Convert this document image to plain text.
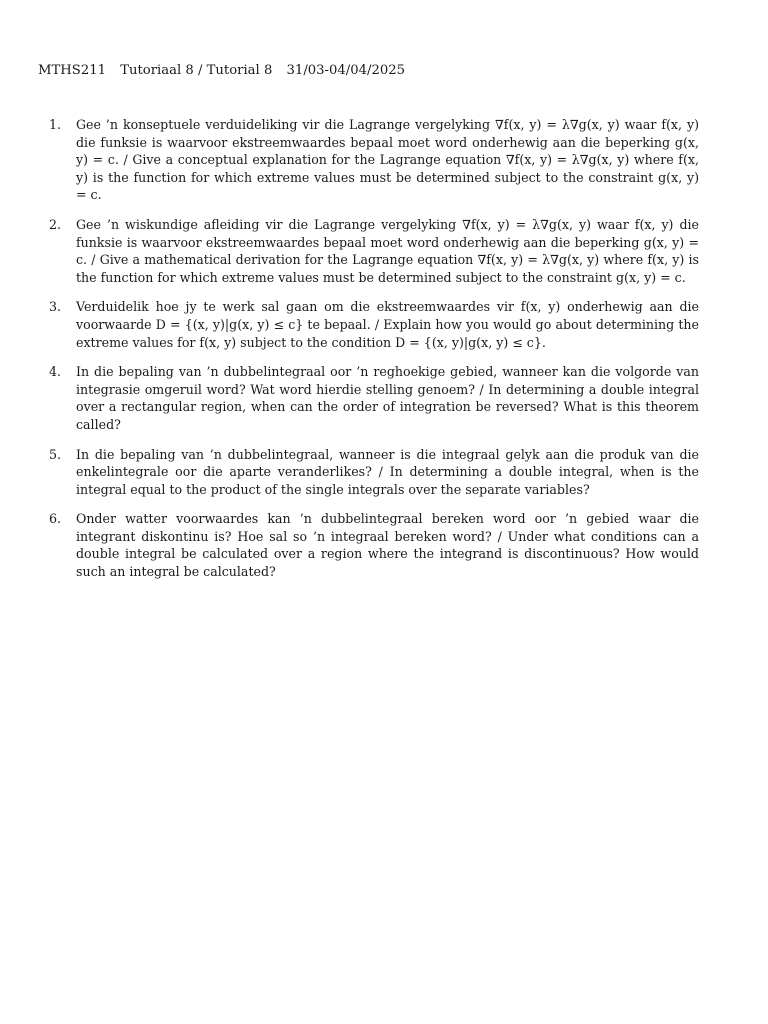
MTHS211 Tutoriaal 8 / Tutorial 8 31/03-04/04/2025
1.	Gee ’n konseptuele verduideliking vir die Lagrange vergelyking ∇f(x, y) = λ∇g(x, y) waar f(x, y) die funksie is waarvoor ekstreemwaardes bepaal moet word onderhewig aan die beperking g(x, y) = c. / Give a conceptual explanation for the Lagrange equation ∇f(x, y) = λ∇g(x, y) where f(x, y) is the function for which extreme values must be determined subject to the constraint g(x, y) = c.
2.	Gee ’n wiskundige afleiding vir die Lagrange vergelyking ∇f(x, y) = λ∇g(x, y) waar f(x, y) die funksie is waarvoor ekstreemwaardes bepaal moet word onderhewig aan die beperking g(x, y) = c. / Give a mathematical derivation for the Lagrange equation ∇f(x, y) = λ∇g(x, y) where f(x, y) is the function for which extreme values must be determined subject to the constraint g(x, y) = c.
3.	Verduidelik hoe jy te werk sal gaan om die ekstreemwaardes vir f(x, y) onderhewig aan die voorwaarde D = {(x, y)|g(x, y) ≤ c} te bepaal. / Explain how you would go about determining the extreme values for f(x, y) subject to the condition D = {(x, y)|g(x, y) ≤ c}.
4.	In die bepaling van ’n dubbelintegraal oor ’n reghoekige gebied, wanneer kan die volgorde van integrasie omgeruil word? Wat word hierdie stelling genoem? / In determining a double integral over a rectangular region, when can the order of integration be reversed? What is this theorem called?
5.	In die bepaling van ’n dubbelintegraal, wanneer is die integraal gelyk aan die produk van die enkelintegrale oor die aparte veranderlikes? / In determining a double integral, when is the integral equal to the product of the single integrals over the separate variables?
6.	Onder watter voorwaardes kan ’n dubbelintegraal bereken word oor ’n gebied waar die integrant diskontinu is? Hoe sal so ’n integraal bereken word? / Under what conditions can a double integral be calculated over a region where the integrand is discontinuous? How would such an integral be calculated?
